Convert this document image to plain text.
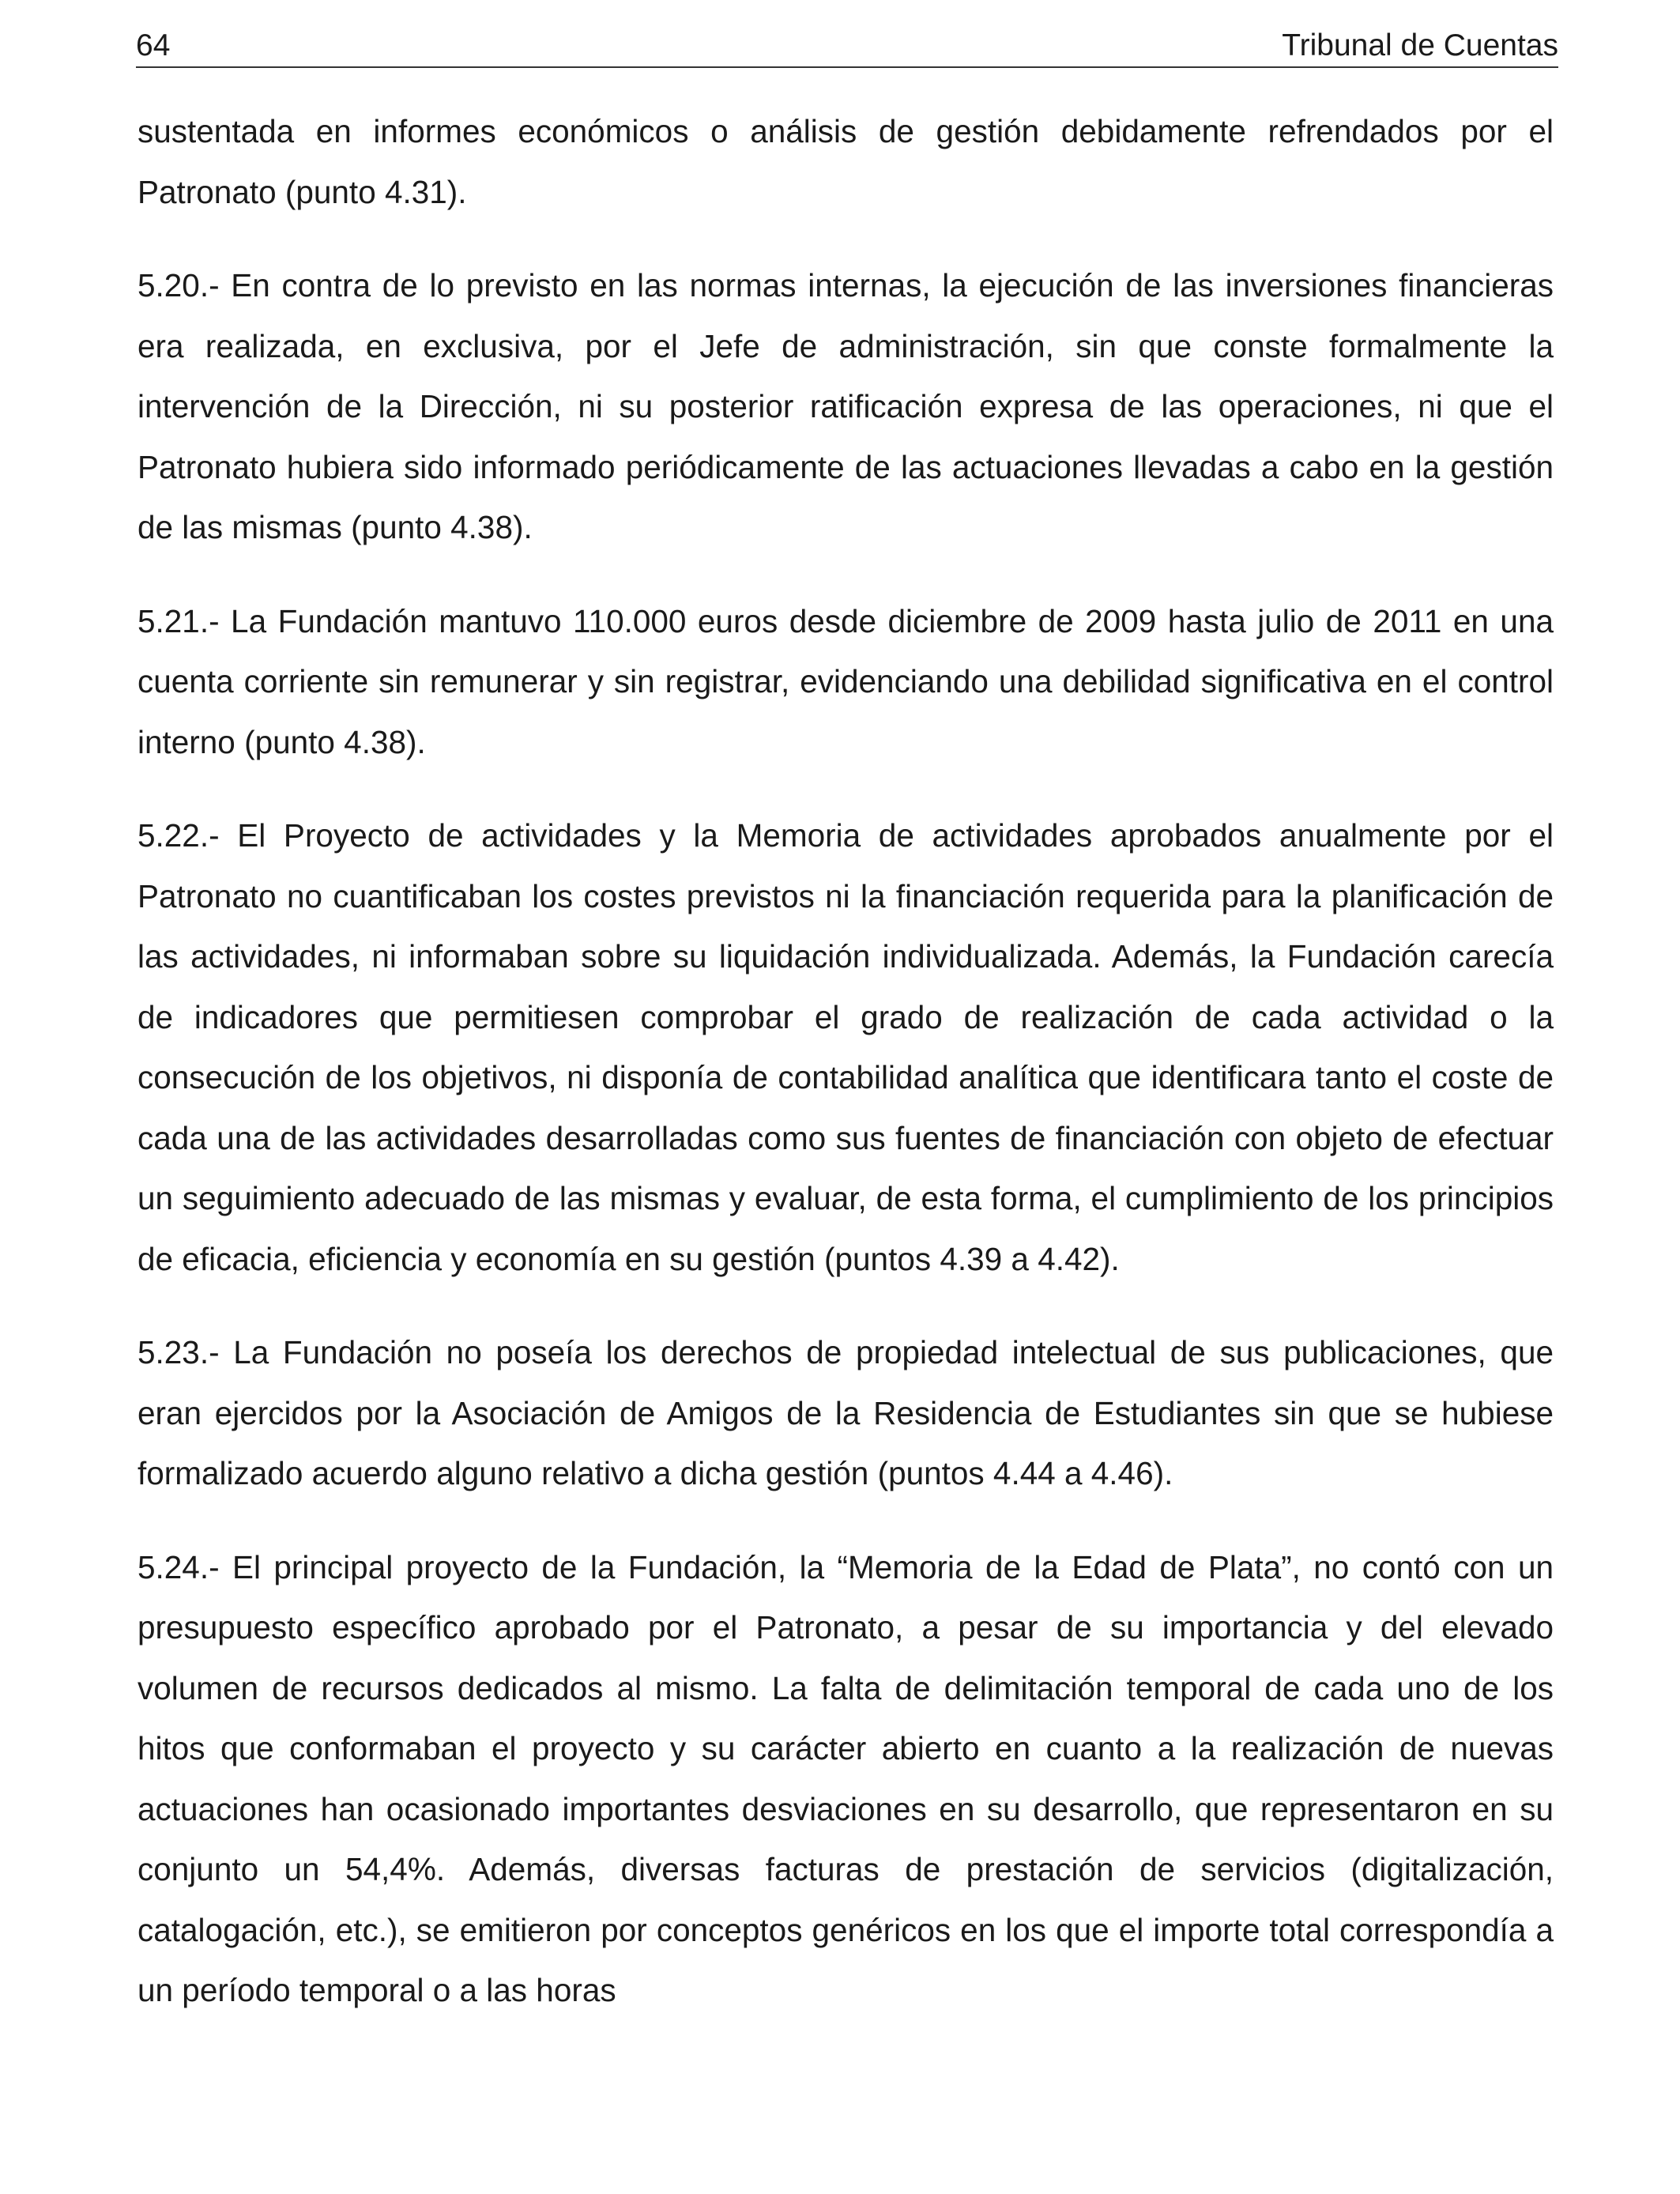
64	Tribunal de Cuentas

sustentada en informes económicos o análisis de gestión debidamente refrendados por el Patronato (punto 4.31).

5.20.- En contra de lo previsto en las normas internas, la ejecución de las inversiones financieras era realizada, en exclusiva, por el Jefe de administración, sin que conste formalmente la intervención de la Dirección, ni su posterior ratificación expresa de las operaciones, ni que el Patronato hubiera sido informado periódicamente de las actuaciones llevadas a cabo en la gestión de las mismas (punto 4.38).

5.21.- La Fundación mantuvo 110.000 euros desde diciembre de 2009 hasta julio de 2011 en una cuenta corriente sin remunerar y sin registrar, evidenciando una debilidad significativa en el control interno (punto 4.38).

5.22.- El Proyecto de actividades y la Memoria de actividades aprobados anualmente por el Patronato no cuantificaban los costes previstos ni la financiación requerida para la planificación de las actividades, ni informaban sobre su liquidación individualizada. Además, la Fundación carecía de indicadores que permitiesen comprobar el grado de realización de cada actividad o la consecución de los objetivos, ni disponía de contabilidad analítica que identificara tanto el coste de cada una de las actividades desarrolladas como sus fuentes de financiación con objeto de efectuar un seguimiento adecuado de las mismas y evaluar, de esta forma, el cumplimiento de los principios de eficacia, eficiencia y economía en su gestión (puntos 4.39 a 4.42).

5.23.- La Fundación no poseía los derechos de propiedad intelectual de sus publicaciones, que eran ejercidos por la Asociación de Amigos de la Residencia de Estudiantes sin que se hubiese formalizado acuerdo alguno relativo a dicha gestión (puntos 4.44 a 4.46).

5.24.- El principal proyecto de la Fundación, la “Memoria de la Edad de Plata”, no contó con un presupuesto específico aprobado por el Patronato, a pesar de su importancia y del elevado volumen de recursos dedicados al mismo. La falta de delimitación temporal de cada uno de los hitos que conformaban el proyecto y su carácter abierto en cuanto a la realización de nuevas actuaciones han ocasionado importantes desviaciones en su desarrollo, que representaron en su conjunto un 54,4%. Además, diversas facturas de prestación de servicios (digitalización, catalogación, etc.), se emitieron por conceptos genéricos en los que el importe total correspondía a un período temporal o a las horas
